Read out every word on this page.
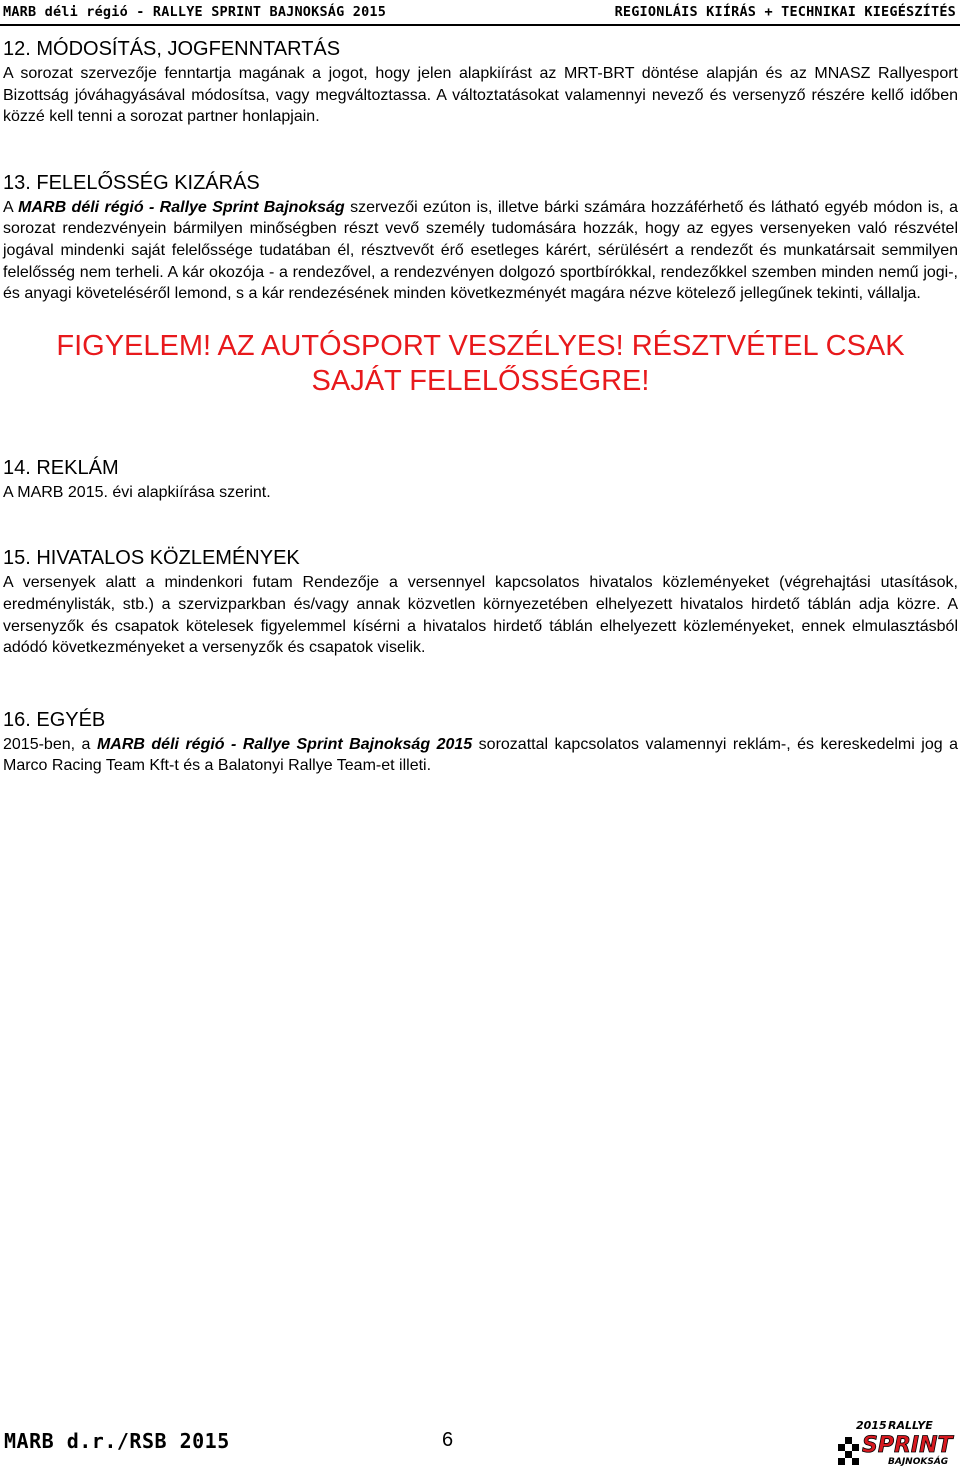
MARB déli régió - RALLYE SPRINT BAJNOKSÁG 2015	REGIONLÁIS KIÍRÁS + TECHNIKAI KIEGÉSZÍTÉS
12. MÓDOSÍTÁS, JOGFENNTARTÁS

A sorozat szervezője fenntartja magának a jogot, hogy jelen alapkiírást az MRT-BRT döntése alapján és az MNASZ Rallyesport Bizottság jóváhagyásával módosítsa, vagy megváltoztassa. A változtatásokat valamennyi nevező és versenyző részére kellő időben közzé kell tenni a sorozat partner honlapjain.

13. FELELŐSSÉG KIZÁRÁS

A MARB déli régió - Rallye Sprint Bajnokság szervezői ezúton is, illetve bárki számára hozzáférhető és látható egyéb módon is, a sorozat rendezvényein bármilyen minőségben részt vevő személy tudomására hozzák, hogy az egyes versenyeken való részvétel jogával mindenki saját felelőssége tudatában él, résztvevőt érő esetleges kárért, sérülésért a rendezőt és munkatársait semmilyen felelősség nem terheli. A kár okozója - a rendezővel, a rendezvényen dolgozó sportbírókkal, rendezőkkel szemben minden nemű jogi-, és anyagi követeléséről lemond, s a kár rendezésének minden következményét magára nézve kötelező jellegűnek tekinti, vállalja.

FIGYELEM! AZ AUTÓSPORT VESZÉLYES! RÉSZTVÉTEL CSAK
SAJÁT FELELŐSSÉGRE!
14. REKLÁM

A MARB 2015. évi alapkiírása szerint.

15. HIVATALOS KÖZLEMÉNYEK

A versenyek alatt a mindenkori futam Rendezője a versennyel kapcsolatos hivatalos közleményeket (végrehajtási utasítások, eredménylisták, stb.) a szervizparkban és/vagy annak közvetlen környezetében elhelyezett hivatalos hirdető táblán adja közre. A versenyzők és csapatok kötelesek figyelemmel kísérni a hivatalos hirdető táblán elhelyezett közleményeket, ennek elmulasztásból adódó következményeket a versenyzők és csapatok viselik.

16. EGYÉB

2015-ben, a MARB déli régió - Rallye Sprint Bajnokság 2015 sorozattal kapcsolatos valamennyi reklám-, és kereskedelmi jog a Marco Racing Team Kft-t és a Balatonyi Rallye Team-et illeti.

MARB d.r./RSB 2015	6
2015 RALLYE
SPRINT
BAJNOKSÁG
